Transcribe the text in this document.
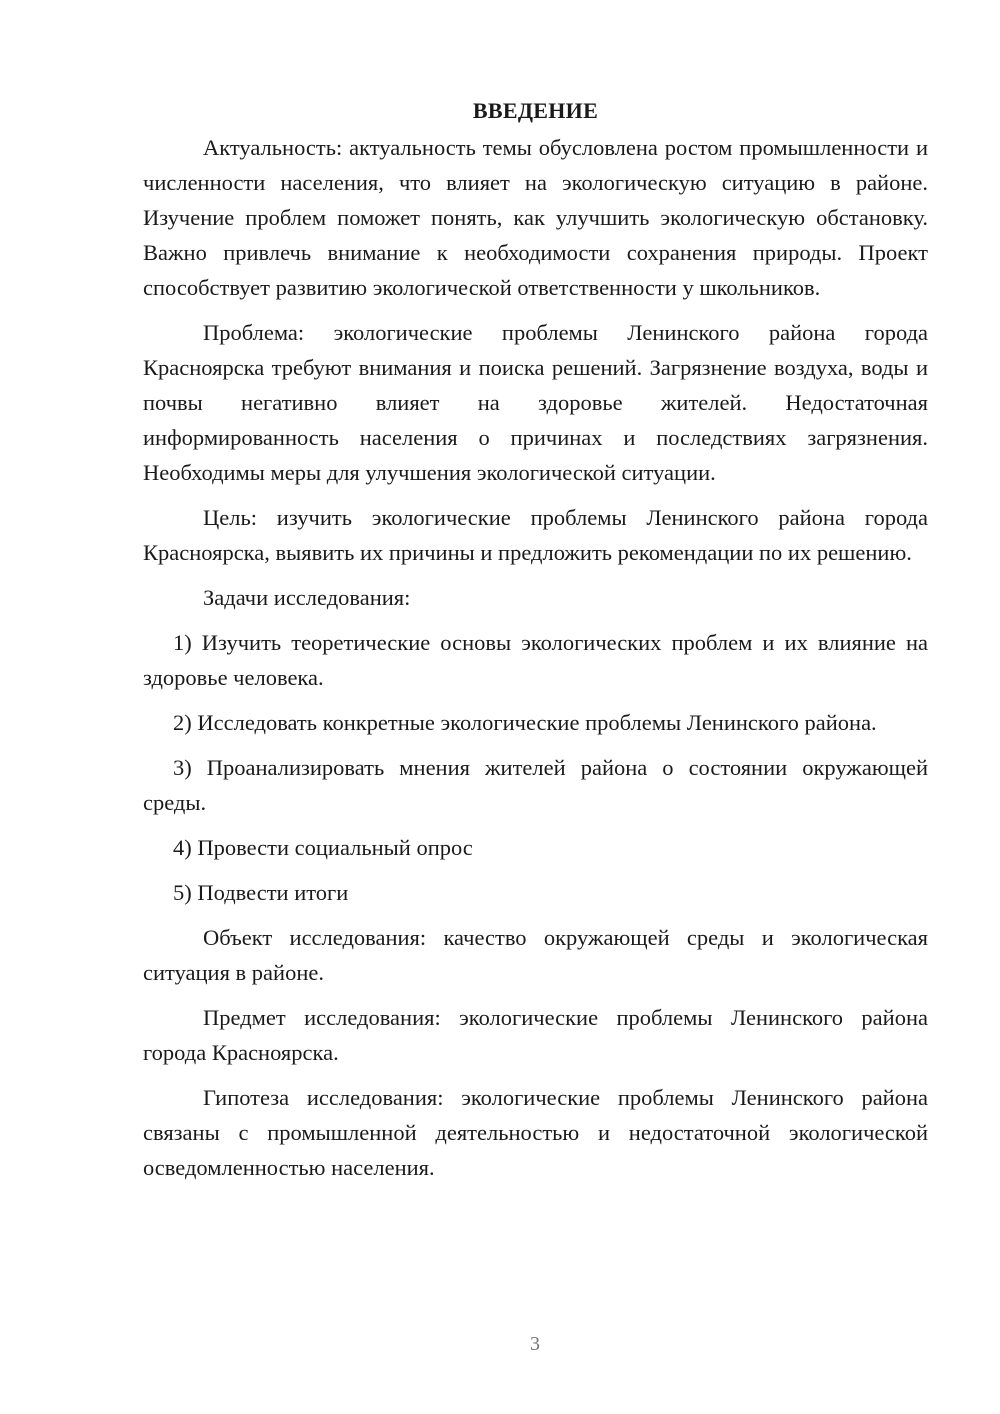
ВВЕДЕНИЕ

Актуальность: актуальность темы обусловлена ростом промышленности и численности населения, что влияет на экологическую ситуацию в районе. Изучение проблем поможет понять, как улучшить экологическую обстановку. Важно привлечь внимание к необходимости сохранения природы. Проект способствует развитию экологической ответственности у школьников.

Проблема: экологические проблемы Ленинского района города Красноярска требуют внимания и поиска решений. Загрязнение воздуха, воды и почвы негативно влияет на здоровье жителей. Недостаточная информированность населения о причинах и последствиях загрязнения. Необходимы меры для улучшения экологической ситуации.

Цель: изучить экологические проблемы Ленинского района города Красноярска, выявить их причины и предложить рекомендации по их решению.

Задачи исследования:

1) Изучить теоретические основы экологических проблем и их влияние на здоровье человека.

2) Исследовать конкретные экологические проблемы Ленинского района.

3) Проанализировать мнения жителей района о состоянии окружающей среды.

4) Провести социальный опрос

5) Подвести итоги

Объект исследования: качество окружающей среды и экологическая ситуация в районе.

Предмет исследования: экологические проблемы Ленинского района города Красноярска.

Гипотеза исследования: экологические проблемы Ленинского района связаны с промышленной деятельностью и недостаточной экологической осведомленностью населения.

3
